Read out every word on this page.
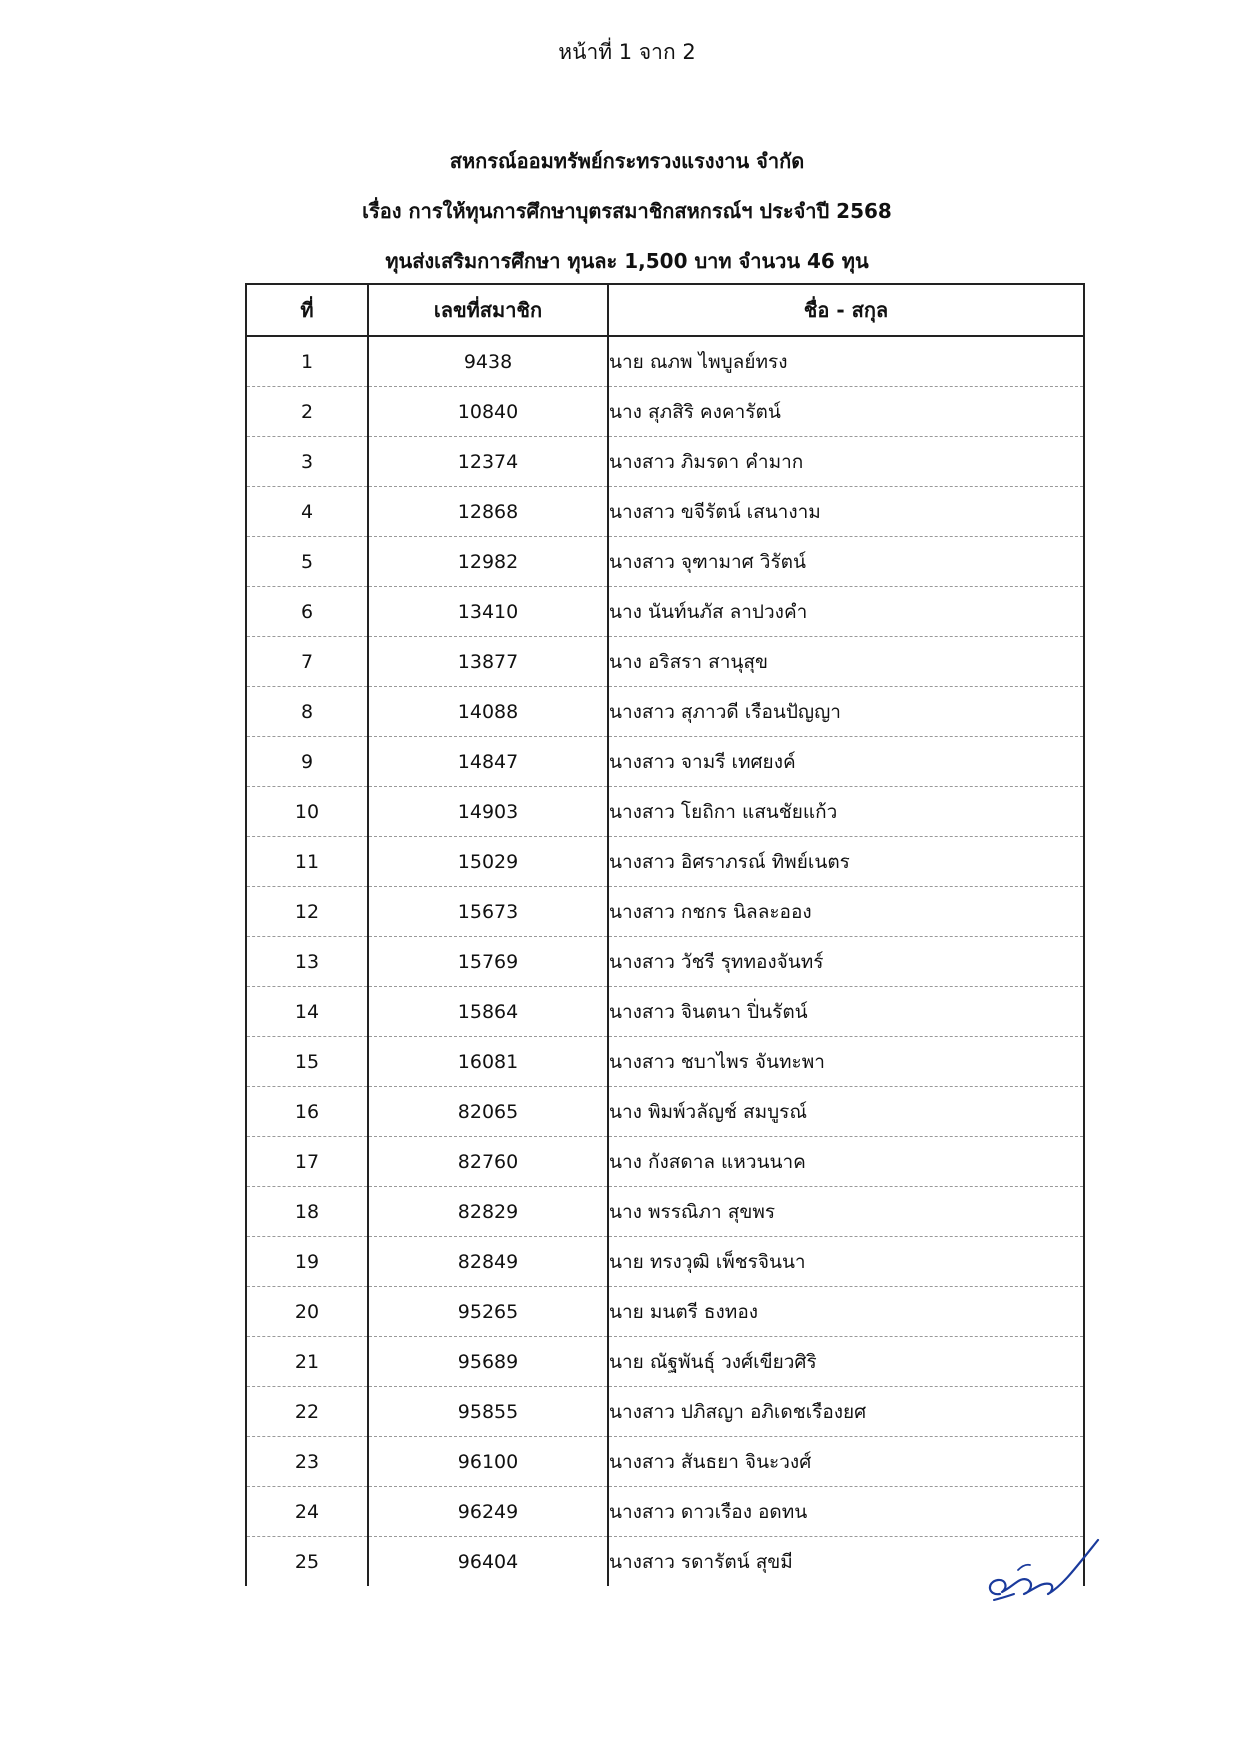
หน้าที่ 1 จาก 2
สหกรณ์ออมทรัพย์กระทรวงแรงงาน จำกัด
เรื่อง การให้ทุนการศึกษาบุตรสมาชิกสหกรณ์ฯ ประจำปี 2568
ทุนส่งเสริมการศึกษา ทุนละ 1,500 บาท จำนวน 46 ทุน
ที่	เลขที่สมาชิก	ชื่อ - สกุล
1	9438	นาย ณภพ ไพบูลย์ทรง
2	10840	นาง สุภสิริ คงคารัตน์
3	12374	นางสาว ภิมรดา คำมาก
4	12868	นางสาว ขจีรัตน์ เสนางาม
5	12982	นางสาว จุฑามาศ วิรัตน์
6	13410	นาง นันท์นภัส ลาปวงคำ
7	13877	นาง อริสรา สานุสุข
8	14088	นางสาว สุภาวดี เรือนปัญญา
9	14847	นางสาว จามรี เทศยงค์
10	14903	นางสาว โยถิกา แสนชัยแก้ว
11	15029	นางสาว อิศราภรณ์ ทิพย์เนตร
12	15673	นางสาว กชกร นิลละออง
13	15769	นางสาว วัชรี รุททองจันทร์
14	15864	นางสาว จินตนา ปิ่นรัตน์
15	16081	นางสาว ชบาไพร จันทะพา
16	82065	นาง พิมพ์วลัญช์ สมบูรณ์
17	82760	นาง กังสดาล แหวนนาค
18	82829	นาง พรรณิภา สุขพร
19	82849	นาย ทรงวุฒิ เพ็ชรจินนา
20	95265	นาย มนตรี ธงทอง
21	95689	นาย ณัฐพันธุ์ วงศ์เขียวศิริ
22	95855	นางสาว ปภิสญา อภิเดชเรืองยศ
23	96100	นางสาว สันธยา จินะวงศ์
24	96249	นางสาว ดาวเรือง อดทน
25	96404	นางสาว รดารัตน์ สุขมี
